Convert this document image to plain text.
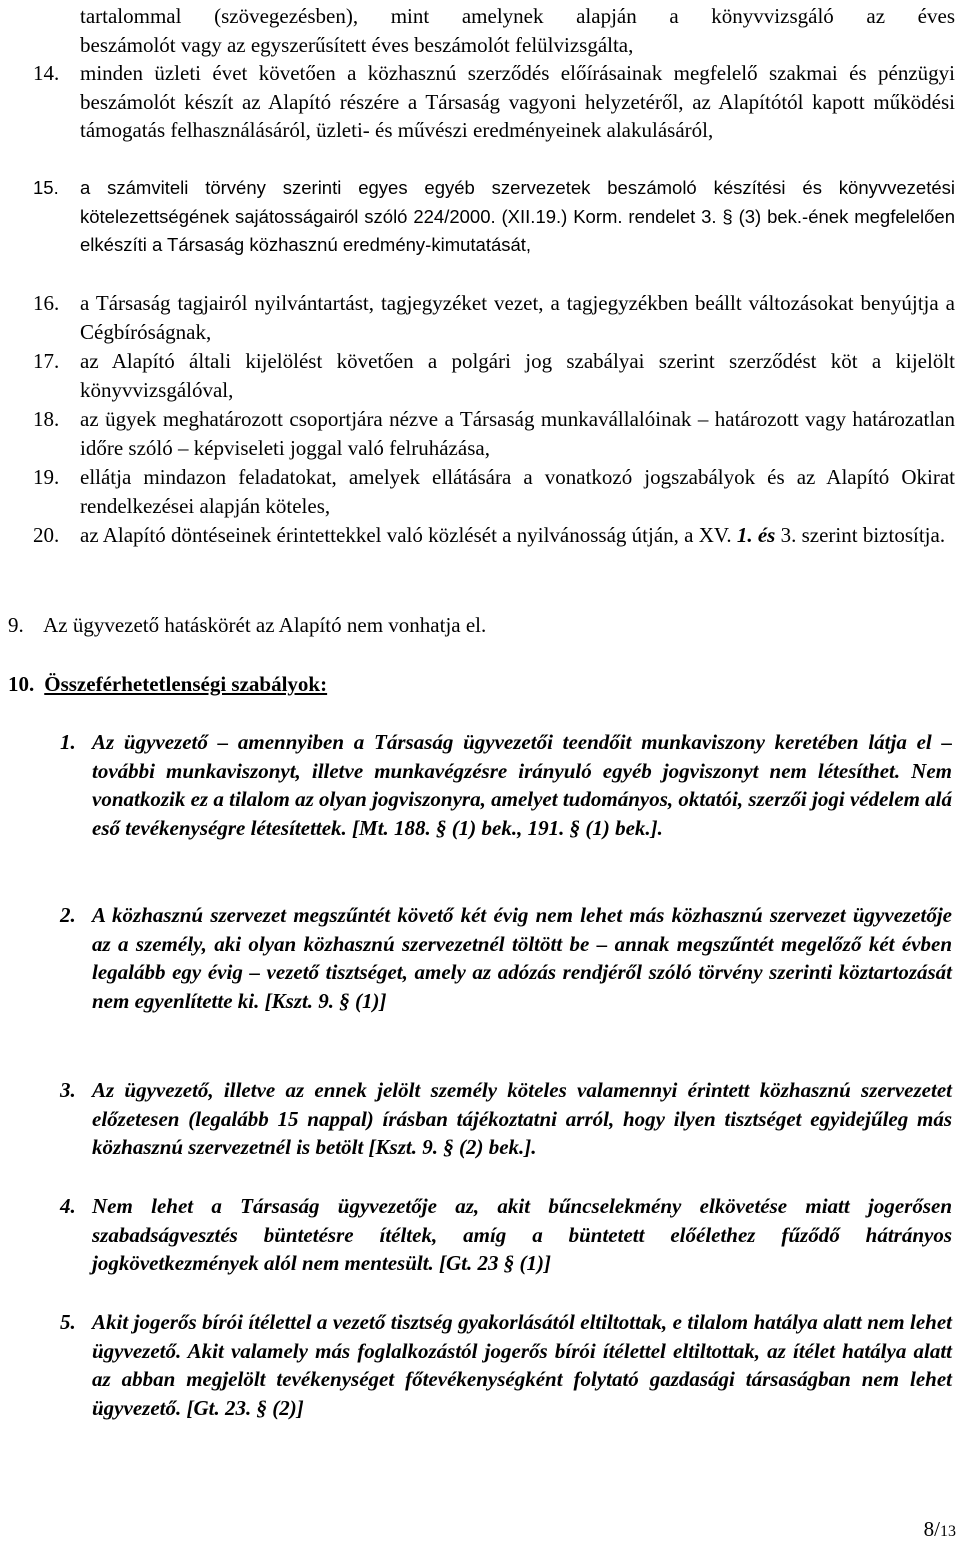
tartalommal (szövegezésben), mint amelynek alapján a könyvvizsgáló az éves
beszámolót vagy az egyszerűsített éves beszámolót felülvizsgálta,

14. minden üzleti évet követően a közhasznú szerződés előírásainak megfelelő szakmai és pénzügyi beszámolót készít az Alapító részére a Társaság vagyoni helyzetéről, az Alapítótól kapott működési támogatás felhasználásáról, üzleti- és művészi eredményeinek alakulásáról,

15.	a számviteli törvény szerinti egyes egyéb szervezetek beszámoló készítési és könyvvezetési kötelezettségének sajátosságairól szóló 224/2000. (XII.19.) Korm. rendelet 3. § (3) bek.-ének megfelelően elkészíti a Társaság közhasznú eredmény-kimutatását,

16. a Társaság tagjairól nyilvántartást, tagjegyzéket vezet, a tagjegyzékben beállt változásokat benyújtja a Cégbíróságnak,

17. az Alapító általi kijelölést követően a polgári jog szabályai szerint szerződést köt a kijelölt könyvvizsgálóval,

18. az ügyek meghatározott csoportjára nézve a Társaság munkavállalóinak – határozott vagy határozatlan időre szóló – képviseleti joggal való felruházása,

19. ellátja mindazon feladatokat, amelyek ellátására a vonatkozó jogszabályok és az Alapító Okirat rendelkezései alapján köteles,

20. az Alapító döntéseinek érintettekkel való közlését a nyilvánosság útján, a XV. 1. és 3. szerint biztosítja.

9. Az ügyvezető hatáskörét az Alapító nem vonhatja el.

10. Összeférhetetlenségi szabályok:

1. Az ügyvezető – amennyiben a Társaság ügyvezetői teendőit munkaviszony keretében látja el – további munkaviszonyt, illetve munkavégzésre irányuló egyéb jogviszonyt nem létesíthet. Nem vonatkozik ez a tilalom az olyan jogviszonyra, amelyet tudományos, oktatói, szerzői jogi védelem alá eső tevékenységre létesítettek. [Mt. 188. § (1) bek., 191. § (1) bek.].

2. A közhasznú szervezet megszűntét követő két évig nem lehet más közhasznú szervezet ügyvezetője az a személy, aki olyan közhasznú szervezetnél töltött be – annak megszűntét megelőző két évben legalább egy évig – vezető tisztséget, amely az adózás rendjéről szóló törvény szerinti köztartozását nem egyenlítette ki. [Kszt. 9. § (1)]

3. Az ügyvezető, illetve az ennek jelölt személy köteles valamennyi érintett közhasznú szervezetet előzetesen (legalább 15 nappal) írásban tájékoztatni arról, hogy ilyen tisztséget egyidejűleg más közhasznú szervezetnél is betölt [Kszt. 9. § (2) bek.].

4. Nem lehet a Társaság ügyvezetője az, akit bűncselekmény elkövetése miatt jogerősen szabadságvesztés büntetésre ítéltek, amíg a büntetett előélethez fűződő hátrányos jogkövetkezmények alól nem mentesült. [Gt. 23 § (1)]

5. Akit jogerős bírói ítélettel a vezető tisztség gyakorlásától eltiltottak, e tilalom hatálya alatt nem lehet ügyvezető. Akit valamely más foglalkozástól jogerős bírói ítélettel eltiltottak, az ítélet hatálya alatt az abban megjelölt tevékenységet főtevékenységként folytató gazdasági társaságban nem lehet ügyvezető. [Gt. 23. § (2)]

8/13
